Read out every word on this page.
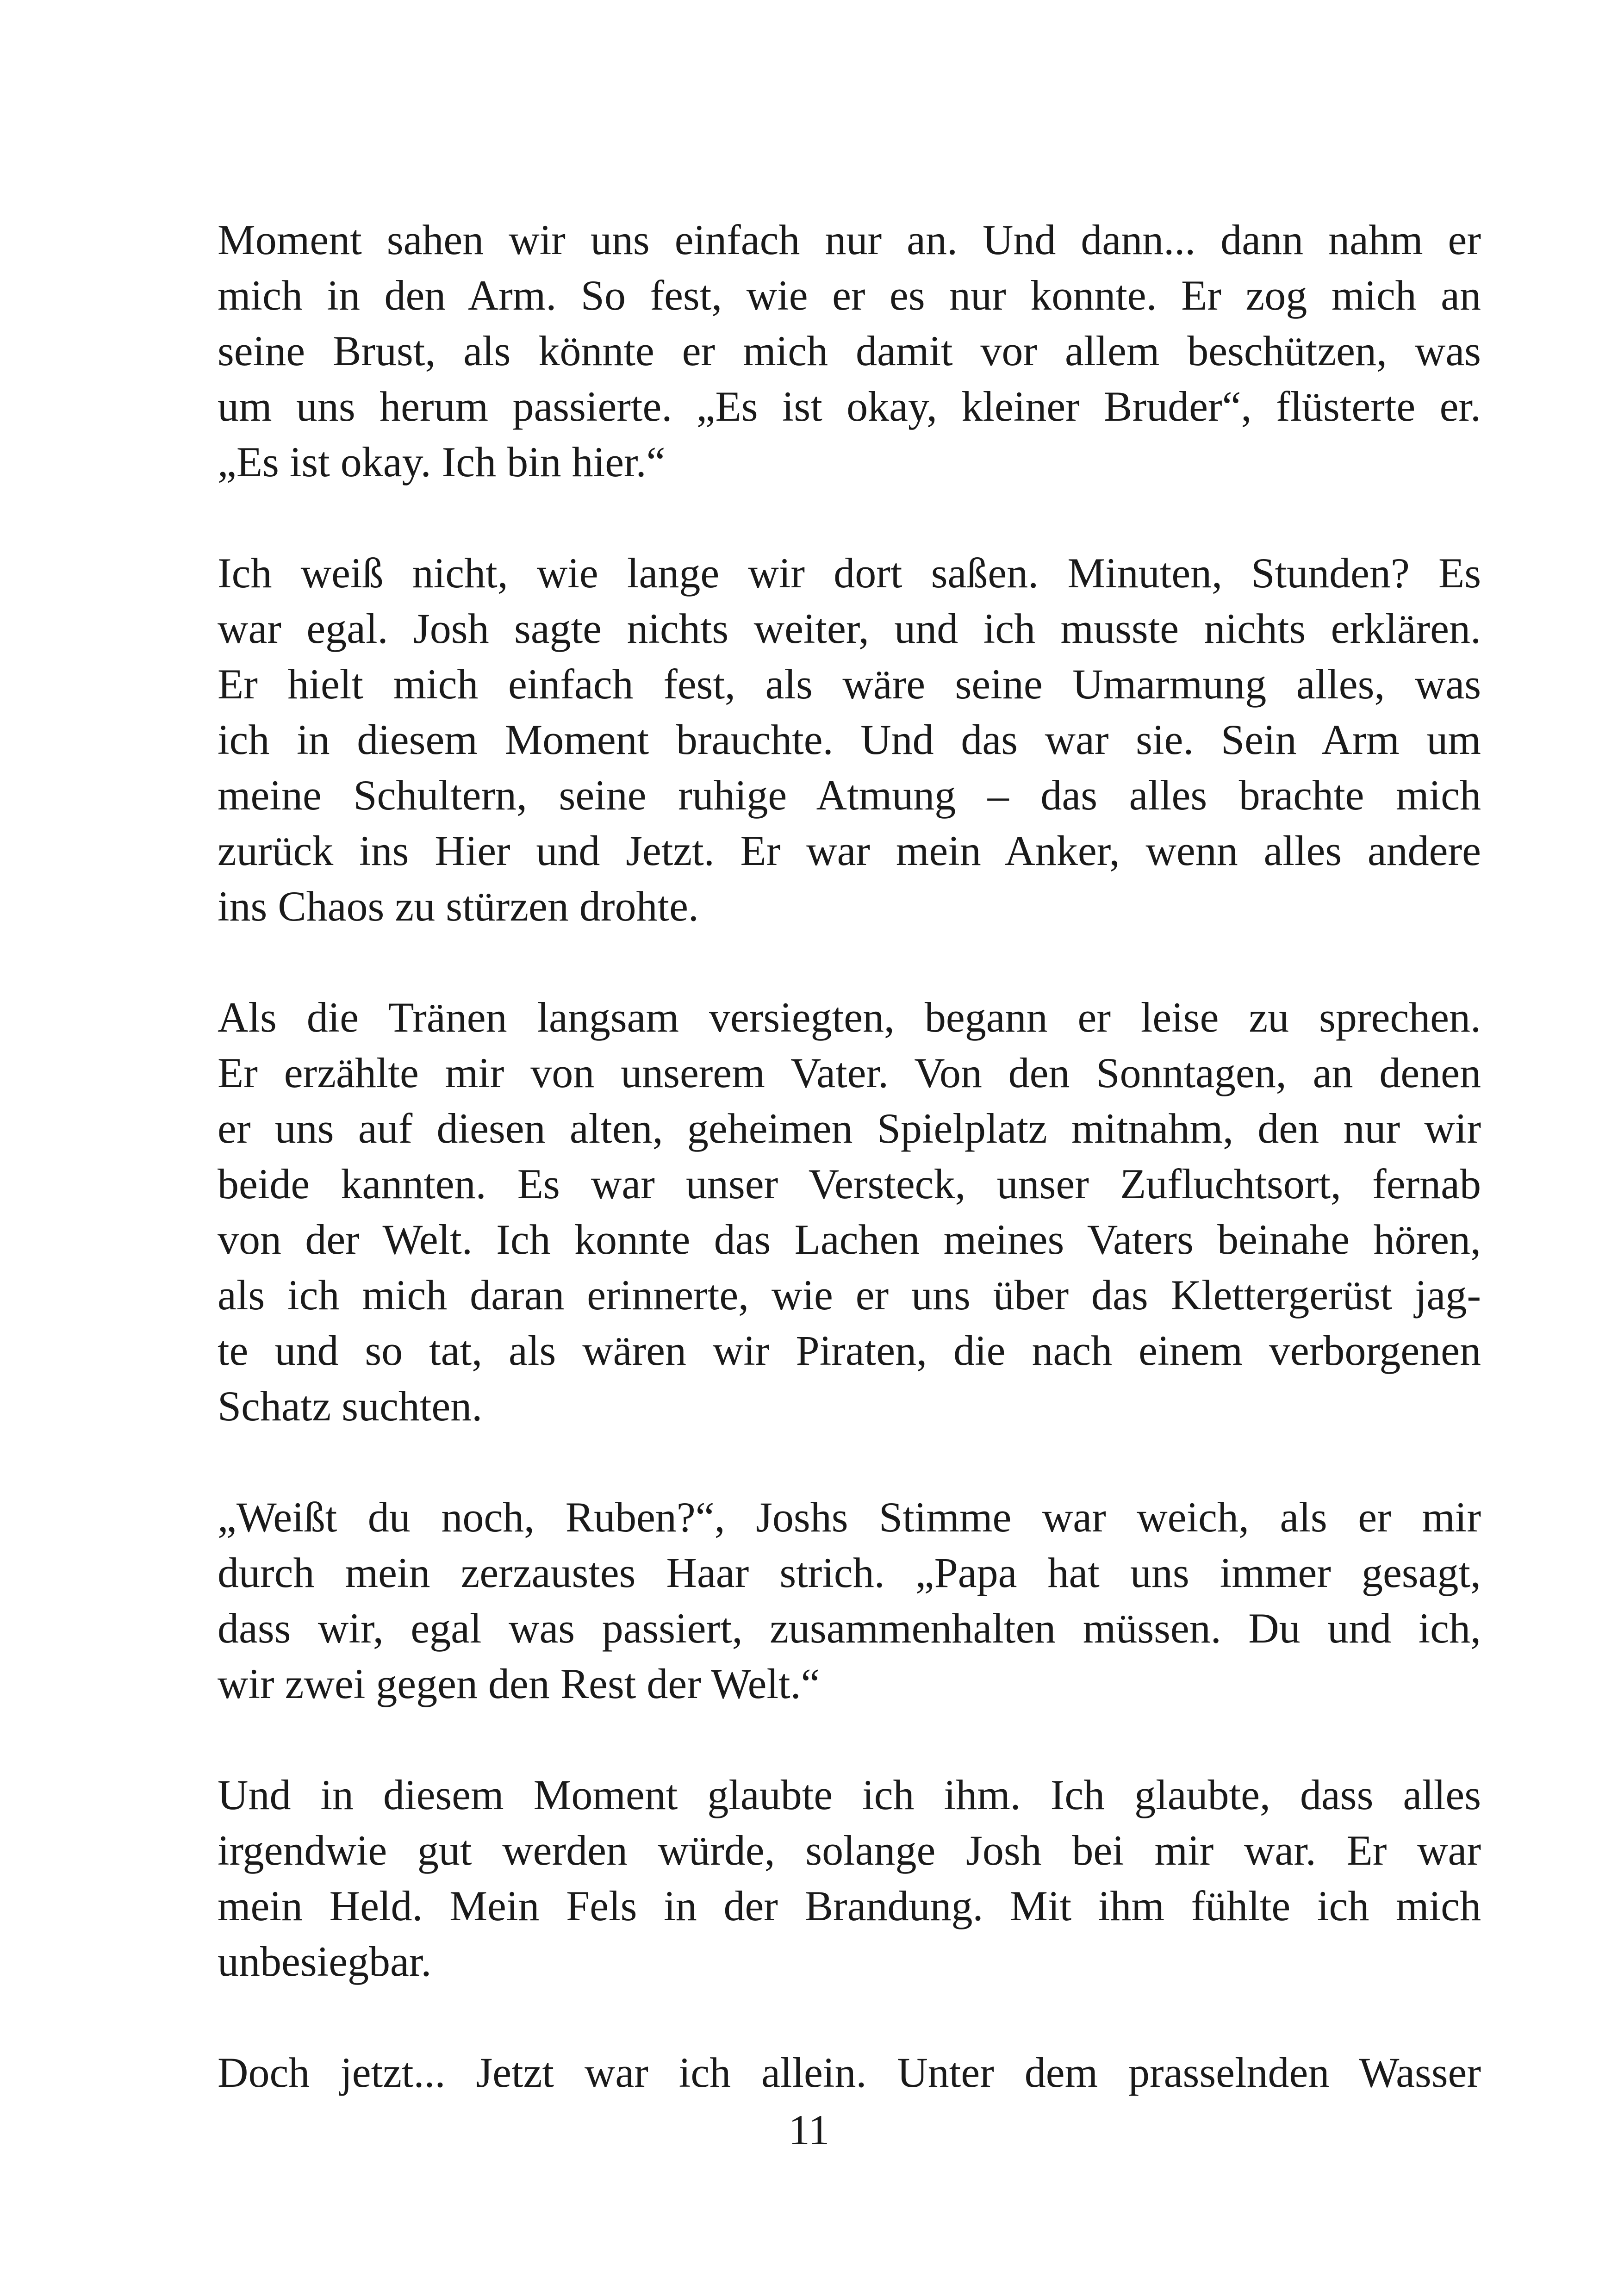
Moment sahen wir uns einfach nur an. Und dann... dann nahm er
mich in den Arm. So fest, wie er es nur konnte. Er zog mich an
seine Brust, als könnte er mich damit vor allem beschützen, was
um uns herum passierte. „Es ist okay, kleiner Bruder“, flüsterte er.
„Es ist okay. Ich bin hier.“

Ich weiß nicht, wie lange wir dort saßen. Minuten, Stunden? Es
war egal. Josh sagte nichts weiter, und ich musste nichts erklären.
Er hielt mich einfach fest, als wäre seine Umarmung alles, was
ich in diesem Moment brauchte. Und das war sie. Sein Arm um
meine Schultern, seine ruhige Atmung – das alles brachte mich
zurück ins Hier und Jetzt. Er war mein Anker, wenn alles andere
ins Chaos zu stürzen drohte.

Als die Tränen langsam versiegten, begann er leise zu sprechen.
Er erzählte mir von unserem Vater. Von den Sonntagen, an denen
er uns auf diesen alten, geheimen Spielplatz mitnahm, den nur wir
beide kannten. Es war unser Versteck, unser Zufluchtsort, fernab
von der Welt. Ich konnte das Lachen meines Vaters beinahe hören,
als ich mich daran erinnerte, wie er uns über das Klettergerüst jag-
te und so tat, als wären wir Piraten, die nach einem verborgenen
Schatz suchten.

„Weißt du noch, Ruben?“, Joshs Stimme war weich, als er mir
durch mein zerzaustes Haar strich. „Papa hat uns immer gesagt,
dass wir, egal was passiert, zusammenhalten müssen. Du und ich,
wir zwei gegen den Rest der Welt.“

Und in diesem Moment glaubte ich ihm. Ich glaubte, dass alles
irgendwie gut werden würde, solange Josh bei mir war. Er war
mein Held. Mein Fels in der Brandung. Mit ihm fühlte ich mich
unbesiegbar.

Doch jetzt... Jetzt war ich allein. Unter dem prasselnden Wasser

11
